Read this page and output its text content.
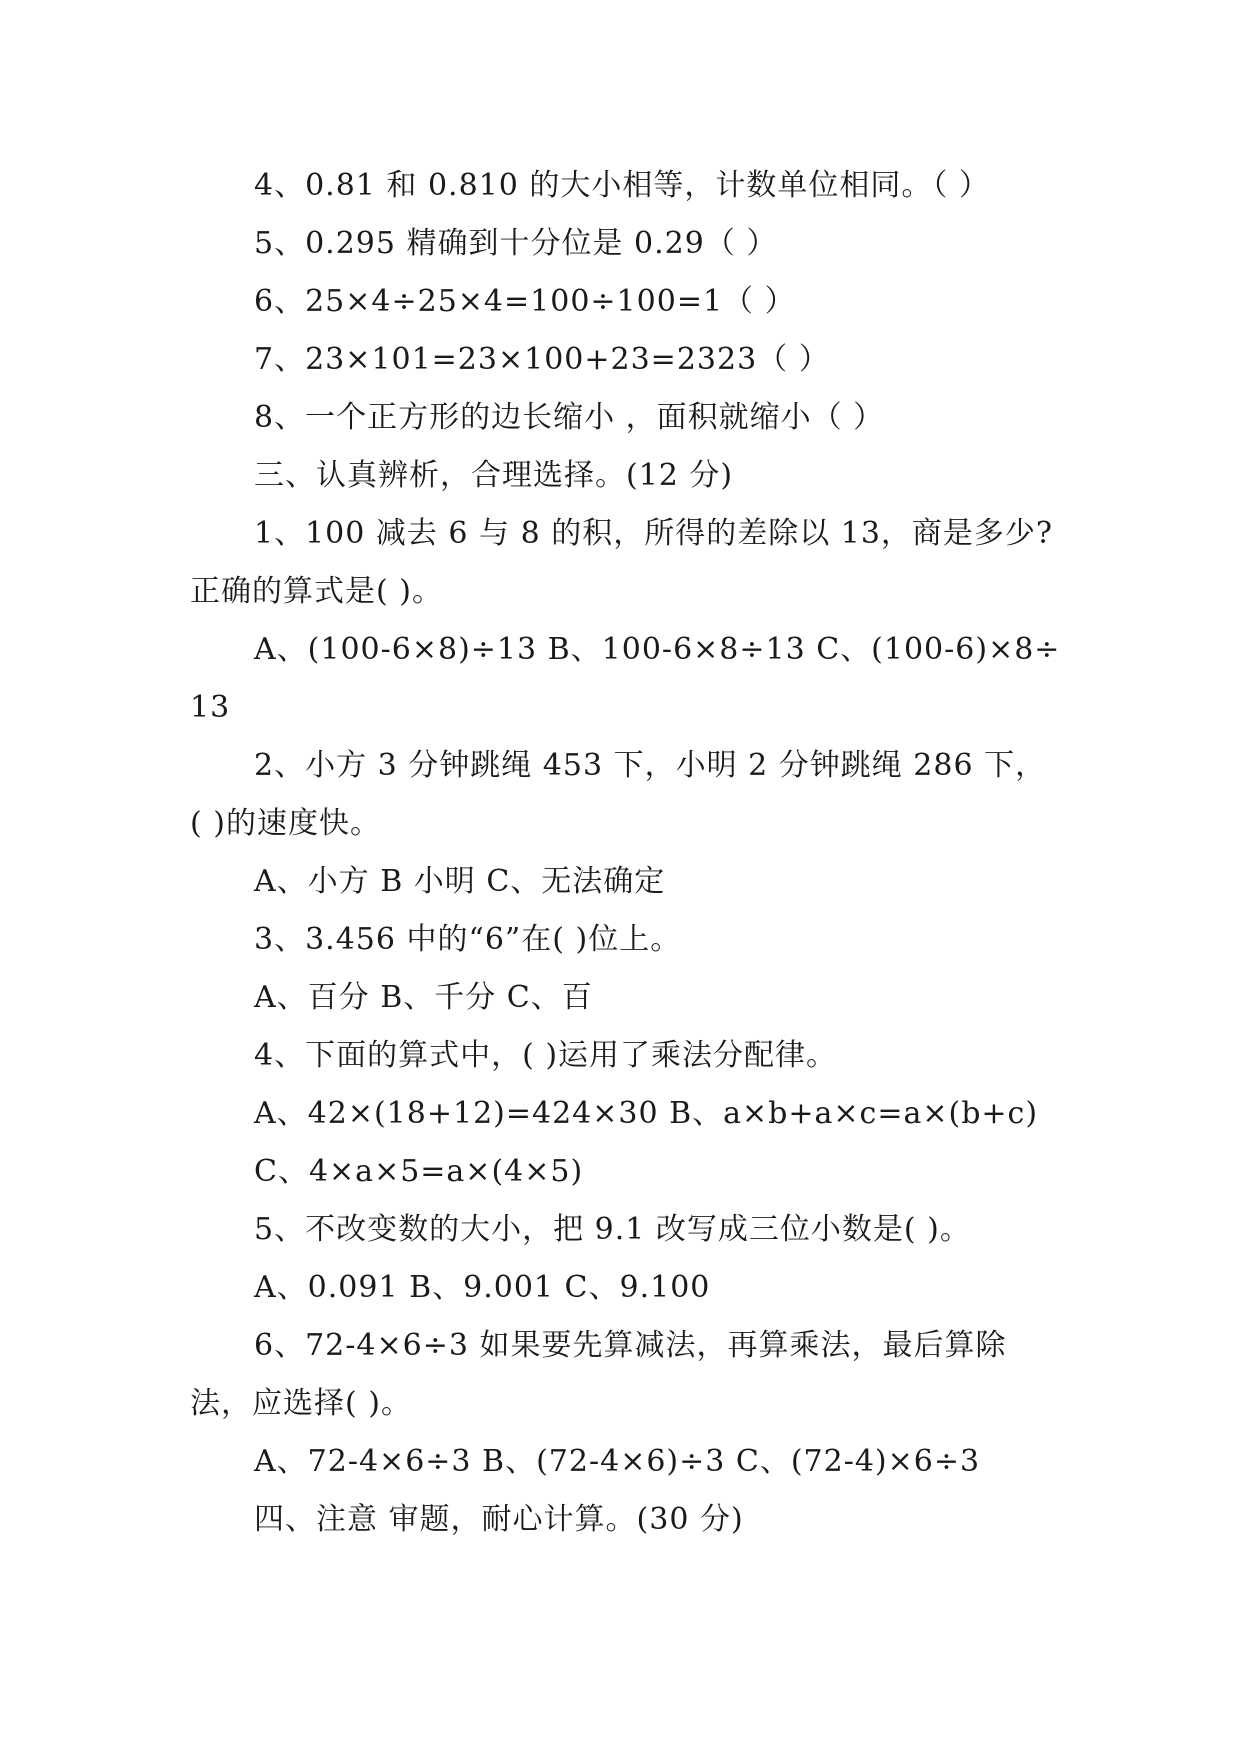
4、0.81 和 0.810 的大小相等，计数单位相同。（ ）
5、0.295 精确到十分位是 0.29（ ）
6、25×4÷25×4=100÷100=1（ ）
7、23×101=23×100+23=2323（ ）
8、一个正方形的边长缩小 ，面积就缩小（ ）
三、认真辨析，合理选择。(12 分)
1、100 减去 6 与 8 的积，所得的差除以 13，商是多少?
正确的算式是( )。
A、(100-6×8)÷13 B、100-6×8÷13 C、(100-6)×8÷
13
2、小方 3 分钟跳绳 453 下，小明 2 分钟跳绳 286 下，
( )的速度快。
A、小方 B 小明 C、无法确定
3、3.456 中的“6”在( )位上。
A、百分 B、千分 C、百
4、下面的算式中，( )运用了乘法分配律。
A、42×(18+12)=424×30 B、a×b+a×c=a×(b+c)
C、4×a×5=a×(4×5)
5、不改变数的大小，把 9.1 改写成三位小数是( )。
A、0.091 B、9.001 C、9.100
6、72-4×6÷3 如果要先算减法，再算乘法，最后算除
法，应选择( )。
A、72-4×6÷3 B、(72-4×6)÷3 C、(72-4)×6÷3
四、注意 审题，耐心计算。(30 分)
